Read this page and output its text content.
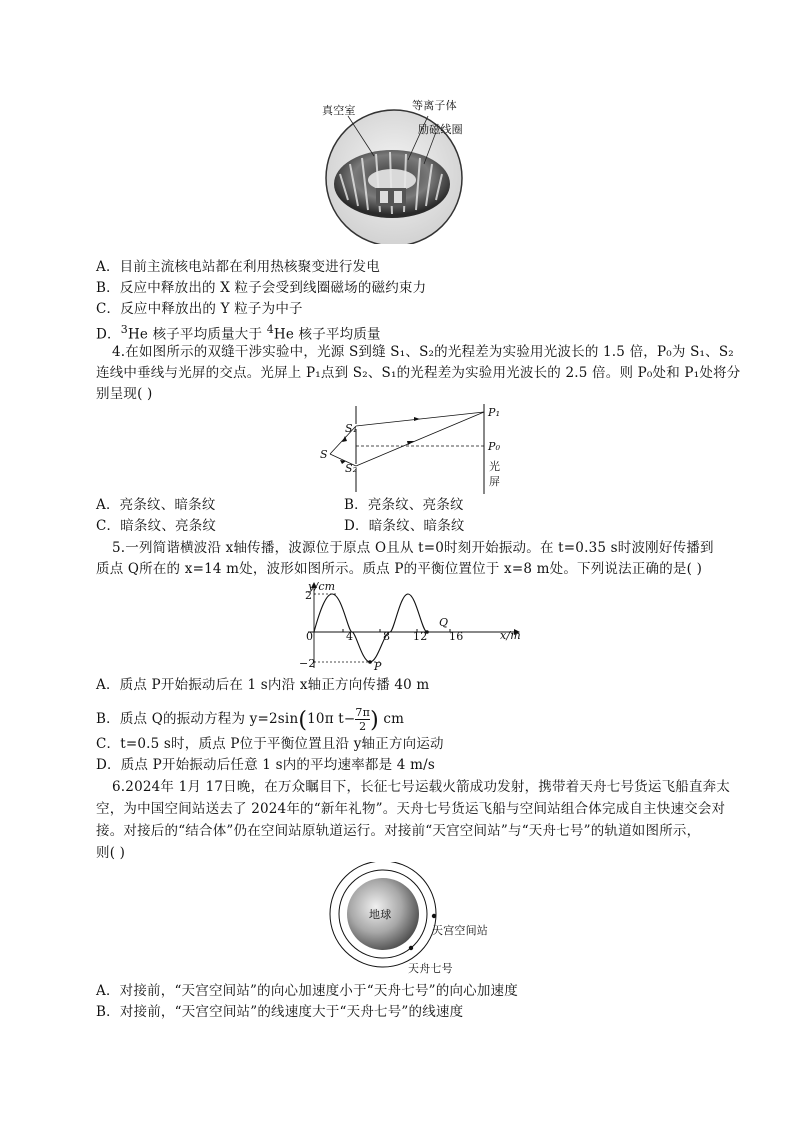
真空室	等离子体
励磁线圈
A．目前主流核电站都在利用热核聚变进行发电
B．反应中释放出的 X 粒子会受到线圈磁场的磁约束力
C．反应中释放出的 Y 粒子为中子
D．$^3$He 核子平均质量大于 $^4$He 核子平均质量
4.在如图所示的双缝干涉实验中，光源 S到缝 S₁、S₂的光程差为实验用光波长的 1.5 倍，P₀为 S₁、S₂
连线中垂线与光屏的交点。光屏上 P₁点到 S₂、S₁的光程差为实验用光波长的 2.5 倍。则 P₀处和 P₁处将分
别呈现( )
S
S₁
S₂
P₁
P₀
光
屏
A．亮条纹、暗条纹	B．亮条纹、亮条纹
C．暗条纹、亮条纹	D．暗条纹、暗条纹
5.一列简谐横波沿 x轴传播，波源位于原点 O且从 t=0时刻开始振动。在 t=0.35 s时波刚好传播到
质点 Q所在的 x=14 m处，波形如图所示。质点 P的平衡位置位于 x=8 m处。下列说法正确的是( )
y/cm
x/m
2
−2
0	4	8 12 16
Q
P
A．质点 P开始振动后在 1 s内沿 x轴正方向传播 40 m
B．质点 Q的振动方程为 y=2sin(10π $t- \frac{7\pi}{2}$ ) cm
C．t=0.5 s时，质点 P位于平衡位置且沿 y轴正方向运动
D．质点 P开始振动后任意 1 s内的平均速率都是 4 m/s
6.2024年 1月 17日晚，在万众瞩目下，长征七号运载火箭成功发射，携带着天舟七号货运飞船直奔太
空，为中国空间站送去了 2024年的“新年礼物”。天舟七号货运飞船与空间站组合体完成自主快速交会对
接。对接后的“结合体”仍在空间站原轨道运行。对接前“天宫空间站”与“天舟七号”的轨道如图所示，
则( )
地球
天宫空间站
天舟七号
A．对接前，“天宫空间站”的向心加速度小于“天舟七号”的向心加速度
B．对接前，“天宫空间站”的线速度大于“天舟七号”的线速度
